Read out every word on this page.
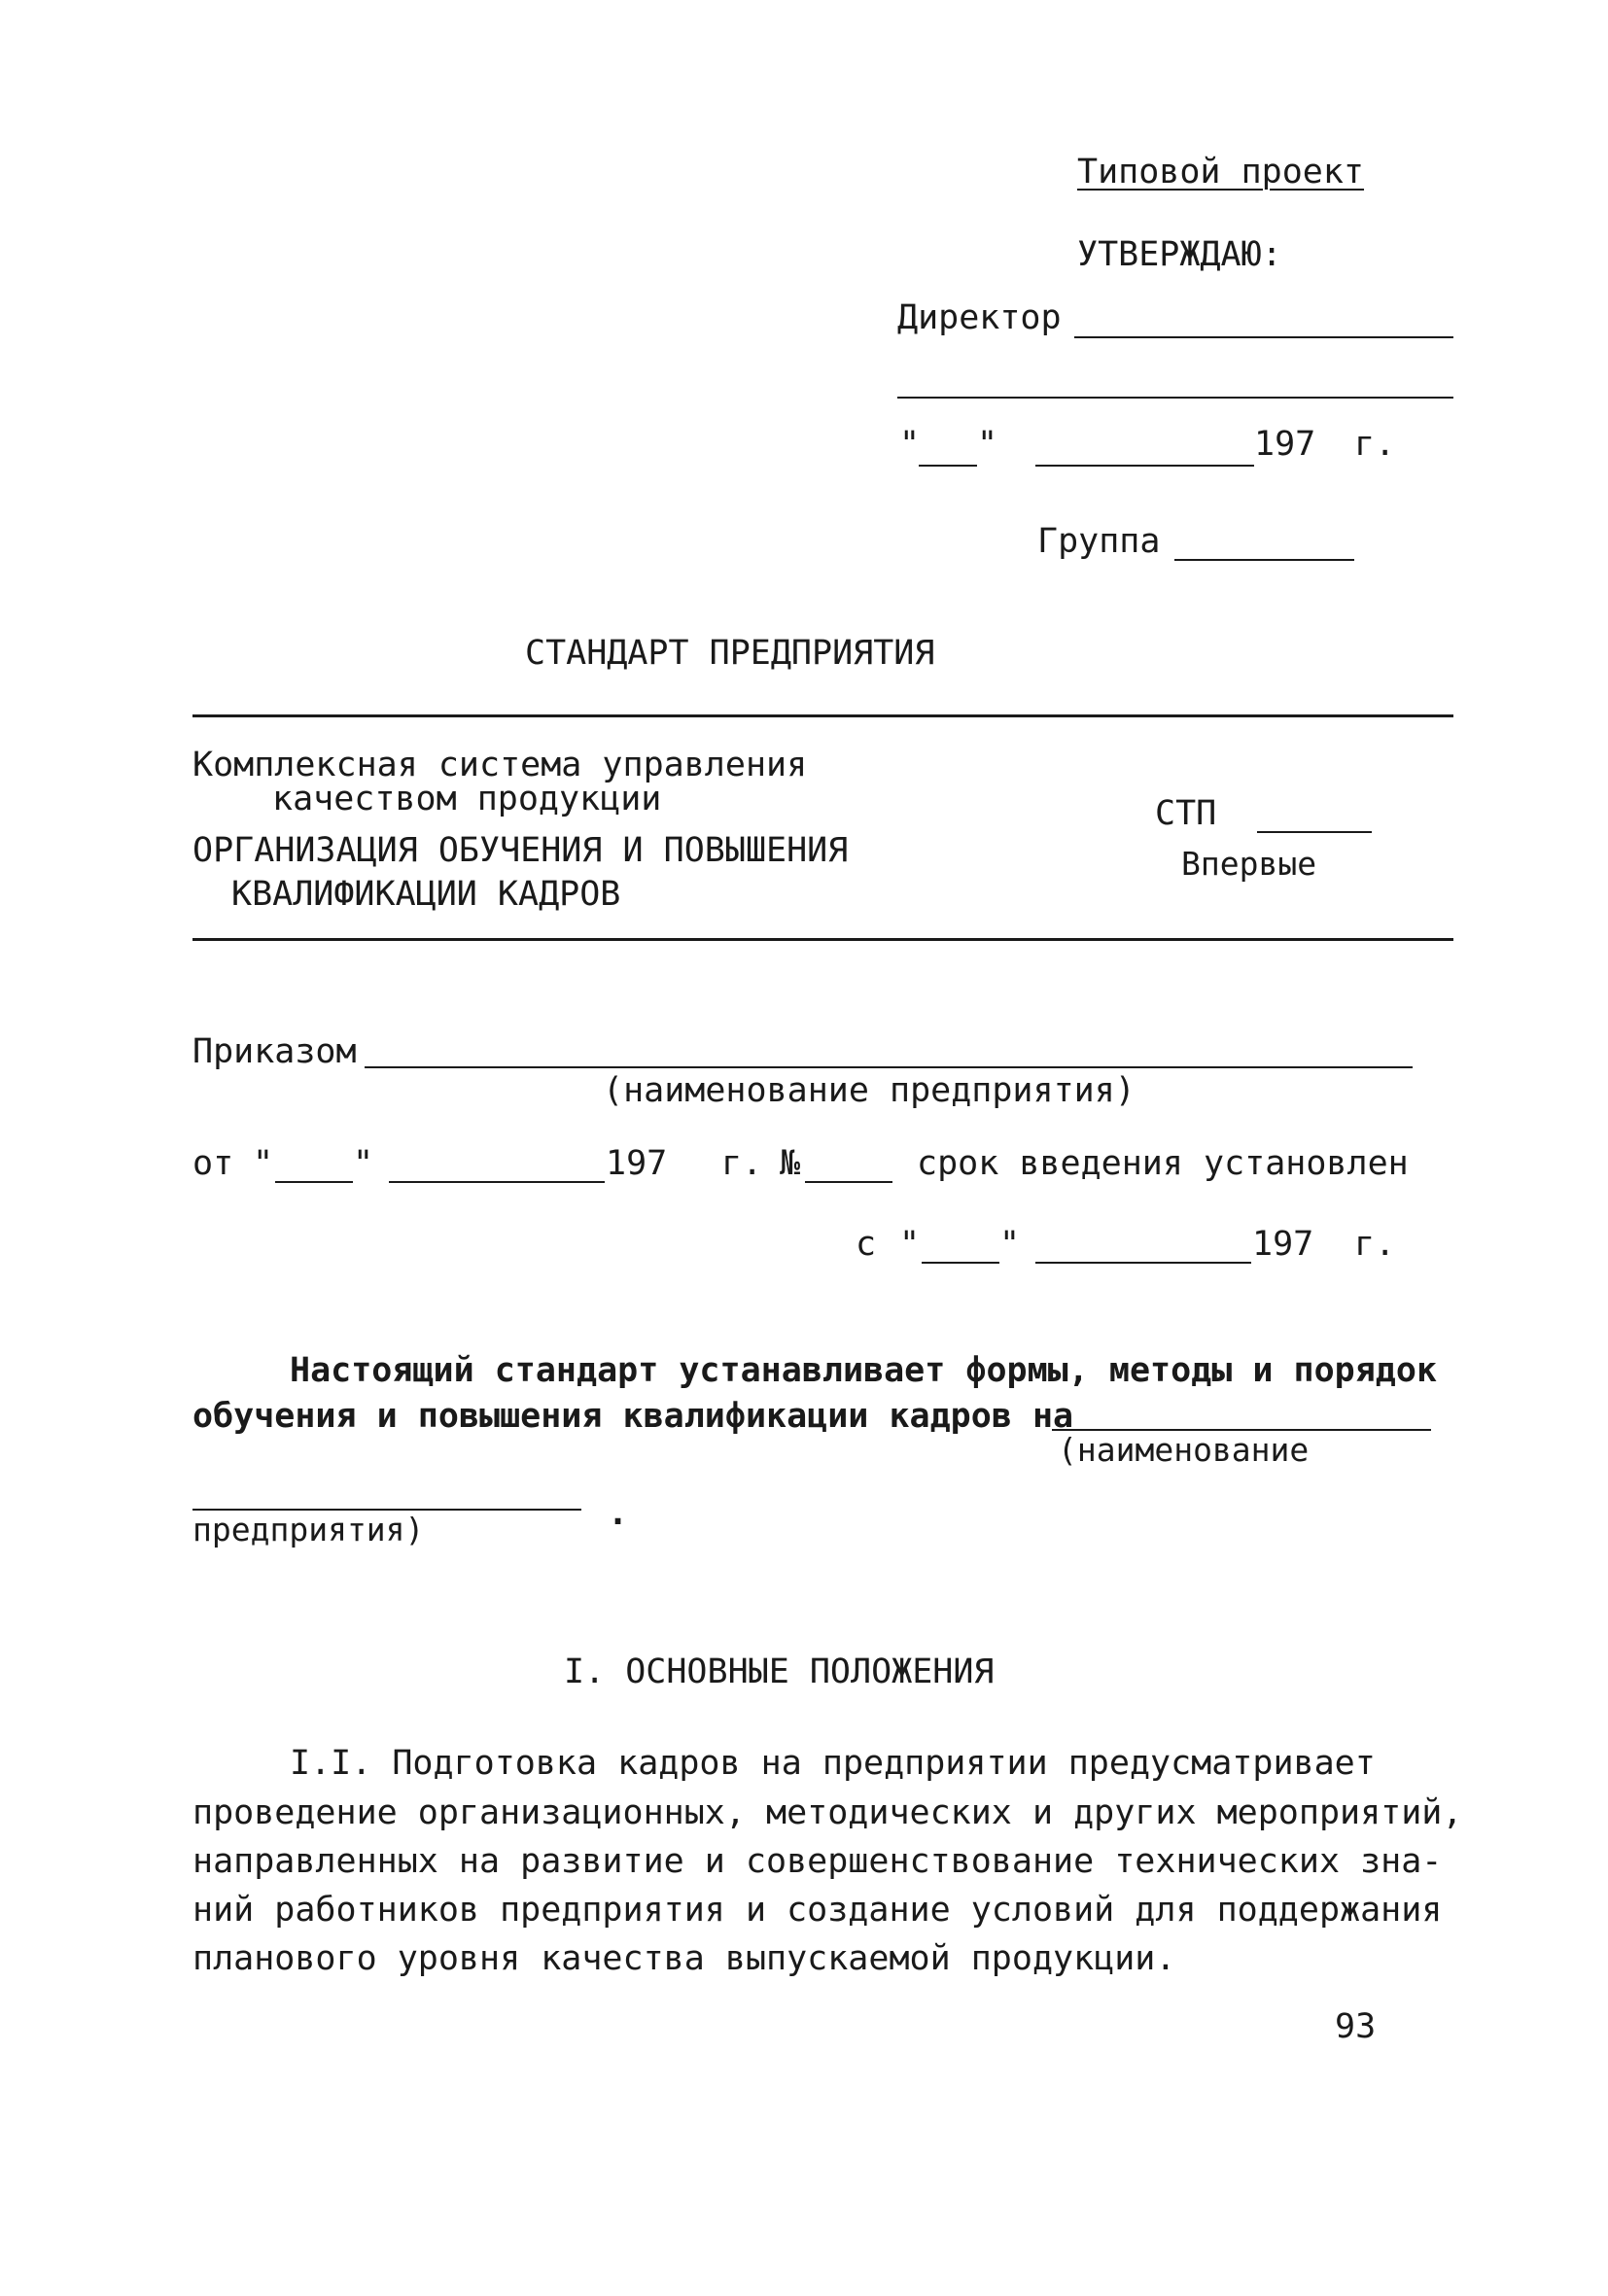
Типовой проект
УТВЕРЖДАЮ:
Директор
" "	197 г.
Группа
СТАНДАРТ ПРЕДПРИЯТИЯ
Комплексная система управления
качеством продукции
ОРГАНИЗАЦИЯ ОБУЧЕНИЯ И ПОВЫШЕНИЯ
КВАЛИФИКАЦИИ КАДРОВ
СТП
Впервые
Приказом
(наименование предприятия)
от " "	197 г. №	срок введения установлен
с " "	197 г.
Настоящий стандарт устанавливает формы, методы и порядок
обучения и повышения квалификации кадров на
(наименование
предприятия)	.
I. ОСНОВНЫЕ ПОЛОЖЕНИЯ
I.I. Подготовка кадров на предприятии предусматривает
проведение организационных, методических и других мероприятий,
направленных на развитие и совершенствование технических зна-
ний работников предприятия и создание условий для поддержания
планового уровня качества выпускаемой продукции.
93
